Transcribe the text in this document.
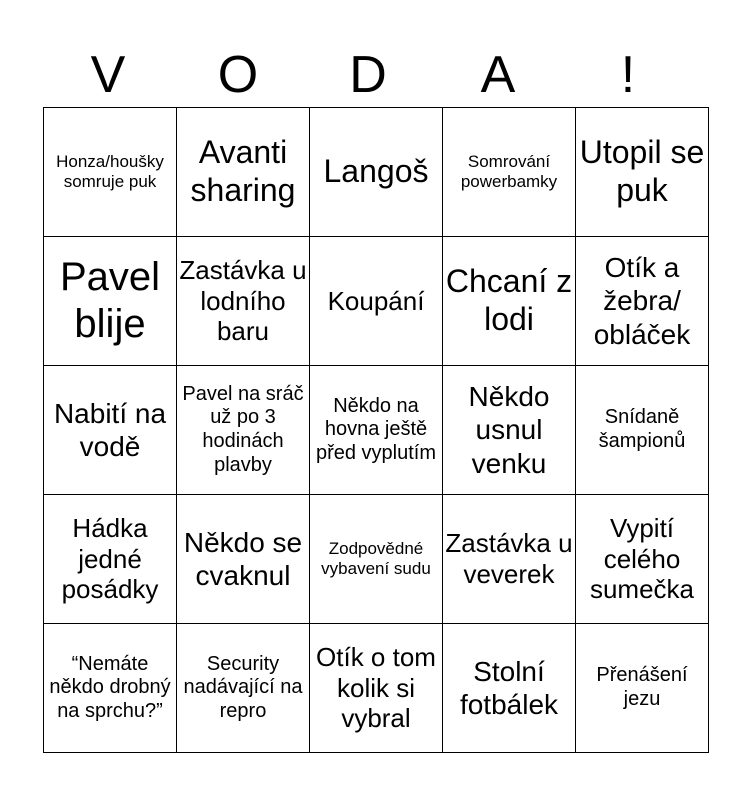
V	O	D	A	!
Honza/houšky somruje puk	Avanti sharing	Langoš	Somrování powerbamky	Utopil se puk
Pavel blije	Zastávka u lodního baru	Koupání	Chcaní z lodi	Otík a žebra/ obláček
Nabití na vodě	Pavel na sráč už po 3 hodinách plavby	Někdo na hovna ještě před vyplutím	Někdo usnul venku	Snídaně šampionů
Hádka jedné posádky	Někdo se cvaknul	Zodpovědné vybavení sudu	Zastávka u veverek	Vypití celého sumečka
“Nemáte někdo drobný na sprchu?”	Security nadávající na repro	Otík o tom kolik si vybral	Stolní fotbálek	Přenášení jezu
